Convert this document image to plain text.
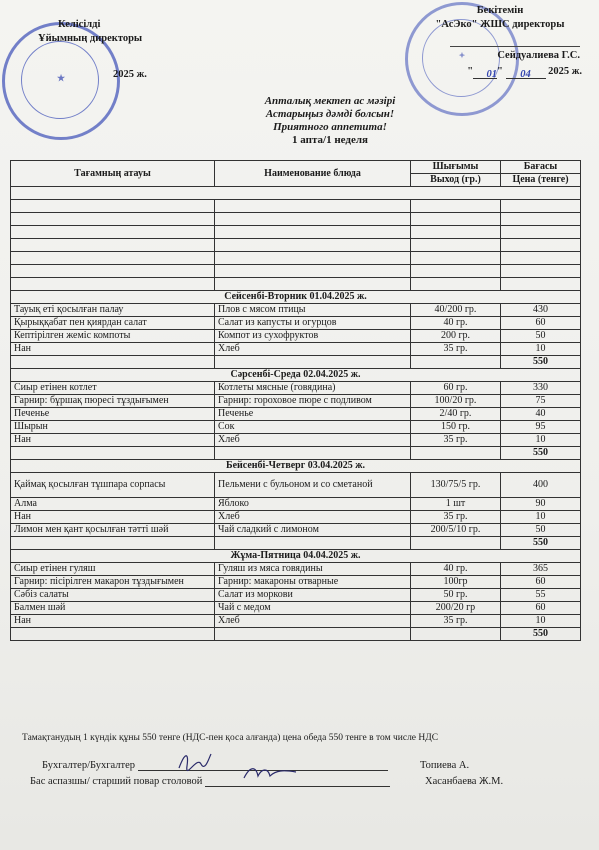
★
Келісілді
Ұйымның директоры
2025 ж.
✦
Бекітемін
"АсЭко" ЖШС директоры
Сейдуалиева Г.С.
" 01" 04 2025 ж.
Апталық мектеп ас мәзірі
Астарыңыз дәмді болсын!
Приятного аппетита!
1 апта/1 неделя
Тағамның атауы	Наименование блюда	Шығымы	Бағасы
		Выход (гр.)	Цена (тенге)

Сейсенбі-Вторник 01.04.2025 ж.			
Тауық еті қосылған палау	Плов с мясом птицы	40/200 гр.	430
Қырыққабат пен қиярдан салат	Салат из капусты и огурцов	40 гр.	60
Кептірілген жеміс компоты	Компот из сухофруктов	200 гр.	50
Нан	Хлеб	35 гр.	10
			550
Сәрсенбі-Среда 02.04.2025 ж.			
Сиыр етінен котлет	Котлеты мясные (говядина)	60 гр.	330
Гарнир: бұршақ пюресі тұздығымен	Гарнир: гороховое пюре с подливом	100/20 гр.	75
Печенье	Печенье	2/40 гр.	40
Шырын	Сок	150 гр.	95
Нан	Хлеб	35 гр.	10
			550
Бейсенбі-Четверг 03.04.2025 ж.			
Қаймақ қосылған тұшпара сорпасы	Пельмени с бульоном и со сметаной	130/75/5 гр.	400
Алма	Яблоко	1 шт	90
Нан	Хлеб	35 гр.	10
Лимон мен қант қосылған тәтті шәй	Чай сладкий с лимоном	200/5/10 гр.	50
			550
Жұма-Пятница 04.04.2025 ж.			
Сиыр етінен гуляш	Гуляш из мяса говядины	40 гр.	365
Гарнир: пісірілген макарон тұздығымен	Гарнир: макароны отварные	100гр	60
Сәбіз салаты	Салат из моркови	50 гр.	55
Балмен шәй	Чай с медом	200/20 гр	60
Нан	Хлеб	35 гр.	10
			550
Тамақтанудың 1 күндік құны 550 тенге (НДС-пен қоса алғанда) цена обеда 550 тенге в том числе НДС
Бухгалтер/Бухгалтер	Топиева А.
Бас аспазшы/ старший повар столовой	Хасанбаева Ж.М.
